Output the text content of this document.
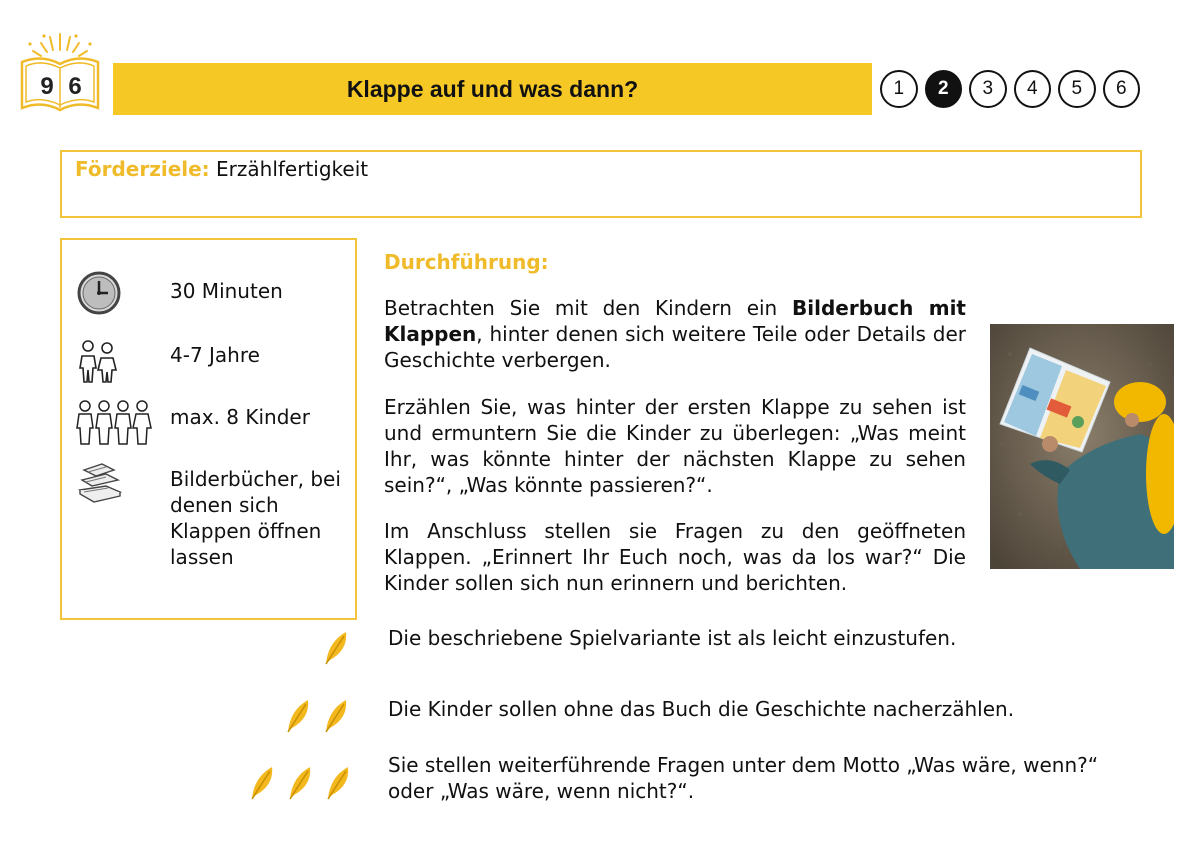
9 6	Klappe auf und was dann?	1	2	3	4	5	6
Förderziele: Erzählfertigkeit
30 Minuten
4-7 Jahre
max. 8 Kinder
Bilderbücher, bei denen sich Klappen öffnen lassen
Durchführung:
Betrachten Sie mit den Kindern ein Bilderbuch mit Klappen, hinter denen sich weitere Teile oder Details der Geschichte verbergen.
Erzählen Sie, was hinter der ersten Klappe zu sehen ist und ermuntern Sie die Kinder zu überlegen: „Was meint Ihr, was könnte hinter der nächsten Klappe zu sehen sein?“, „Was könnte passieren?“.
Im Anschluss stellen sie Fragen zu den geöffneten Klappen. „Erinnert Ihr Euch noch, was da los war?“ Die Kinder sollen sich nun erinnern und berichten.
Die beschriebene Spielvariante ist als leicht einzustufen.
Die Kinder sollen ohne das Buch die Geschichte nacherzählen.
Sie stellen weiterführende Fragen unter dem Motto „Was wäre, wenn?“ oder „Was wäre, wenn nicht?“.
